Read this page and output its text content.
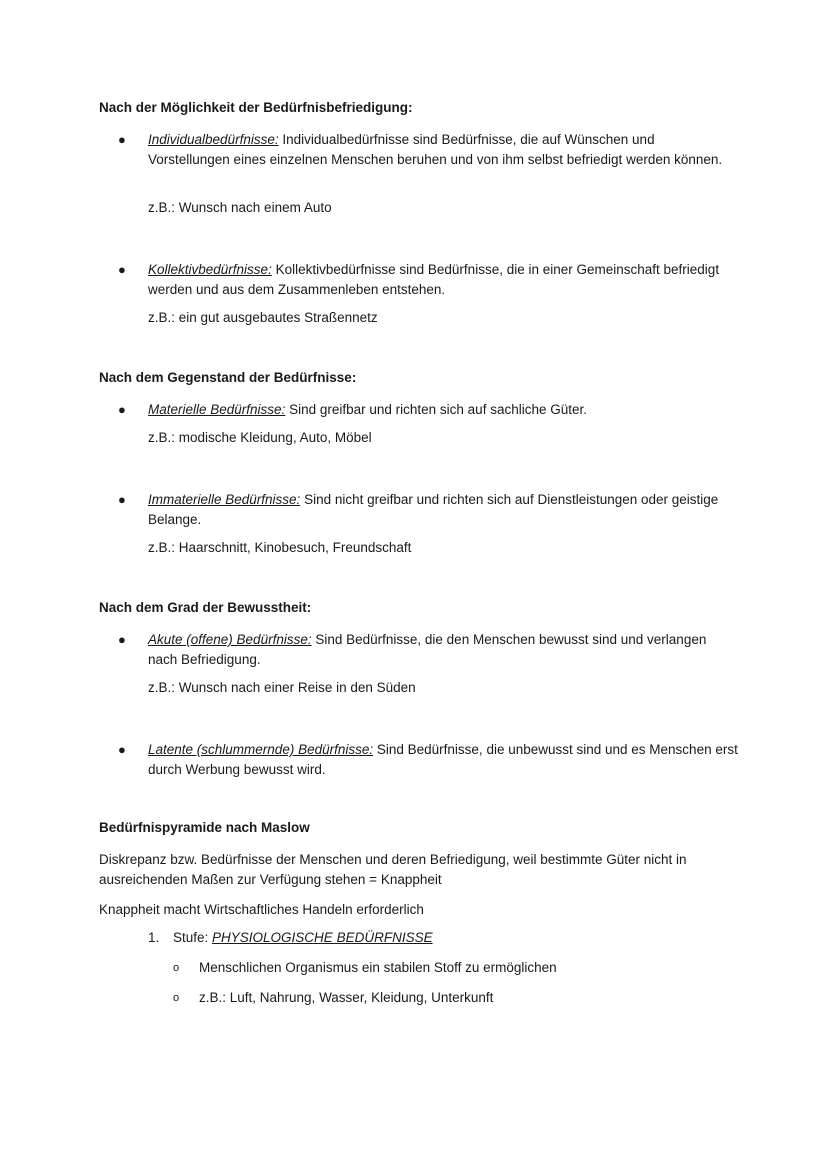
Nach der Möglichkeit der Bedürfnisbefriedigung:
● Individualbedürfnisse: Individualbedürfnisse sind Bedürfnisse, die auf Wünschen und Vorstellungen eines einzelnen Menschen beruhen und von ihm selbst befriedigt werden können.
z.B.: Wunsch nach einem Auto
● Kollektivbedürfnisse: Kollektivbedürfnisse sind Bedürfnisse, die in einer Gemeinschaft befriedigt werden und aus dem Zusammenleben entstehen.
z.B.: ein gut ausgebautes Straßennetz
Nach dem Gegenstand der Bedürfnisse:
● Materielle Bedürfnisse: Sind greifbar und richten sich auf sachliche Güter.
z.B.: modische Kleidung, Auto, Möbel
● Immaterielle Bedürfnisse: Sind nicht greifbar und richten sich auf Dienstleistungen oder geistige Belange.
z.B.: Haarschnitt, Kinobesuch, Freundschaft
Nach dem Grad der Bewusstheit:
● Akute (offene) Bedürfnisse: Sind Bedürfnisse, die den Menschen bewusst sind und verlangen nach Befriedigung.
z.B.: Wunsch nach einer Reise in den Süden
● Latente (schlummernde) Bedürfnisse: Sind Bedürfnisse, die unbewusst sind und es Menschen erst durch Werbung bewusst wird.
Bedürfnispyramide nach Maslow
Diskrepanz bzw. Bedürfnisse der Menschen und deren Befriedigung, weil bestimmte Güter nicht in ausreichenden Maßen zur Verfügung stehen = Knappheit
Knappheit macht Wirtschaftliches Handeln erforderlich
1. Stufe: PHYSIOLOGISCHE BEDÜRFNISSE
o Menschlichen Organismus ein stabilen Stoff zu ermöglichen
o z.B.: Luft, Nahrung, Wasser, Kleidung, Unterkunft
